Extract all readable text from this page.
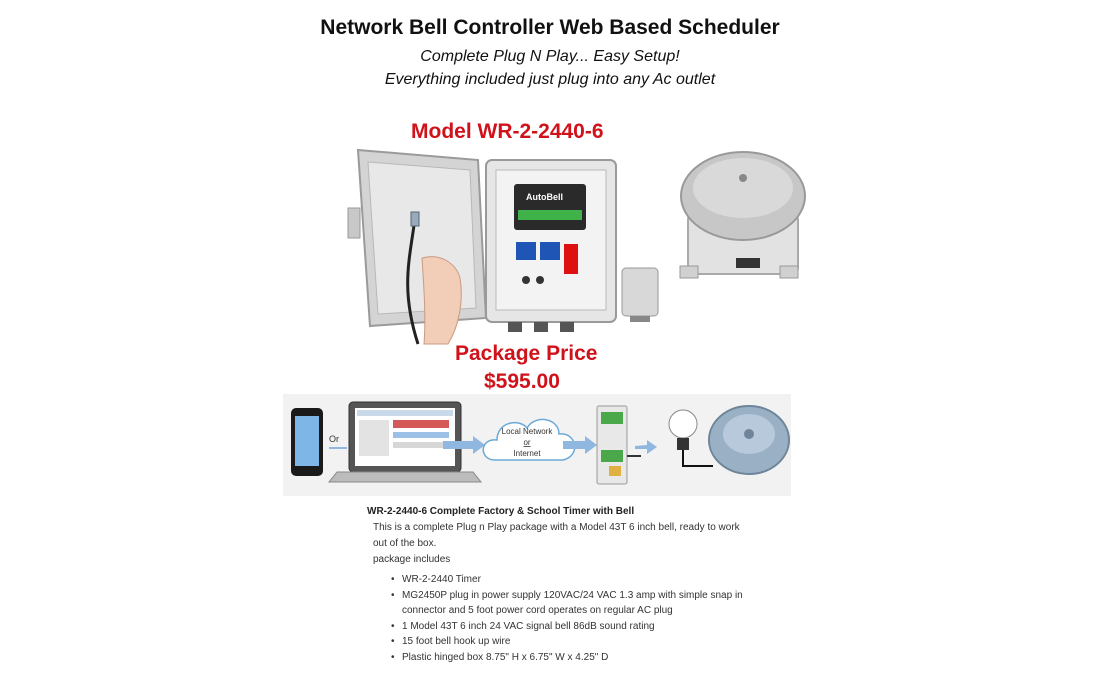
Network Bell Controller Web Based Scheduler
Complete Plug N Play... Easy Setup!
Everything included just plug into any Ac outlet
Model WR-2-2440-6
AutoBell
Package Price
$595.00
Or
Local Network
or
Internet
WR-2-2440-6 Complete Factory & School Timer with Bell
This is a complete Plug n Play package with a Model 43T 6 inch bell, ready to work
out of the box.
package includes
• WR-2-2440 Timer
• MG2450P plug in power supply 120VAC/24 VAC 1.3 amp with simple snap in connector and 5 foot power cord operates on regular AC plug
• 1 Model 43T 6 inch 24 VAC signal bell 86dB sound rating
• 15 foot bell hook up wire
• Plastic hinged box 8.75" H x 6.75" W x 4.25" D
